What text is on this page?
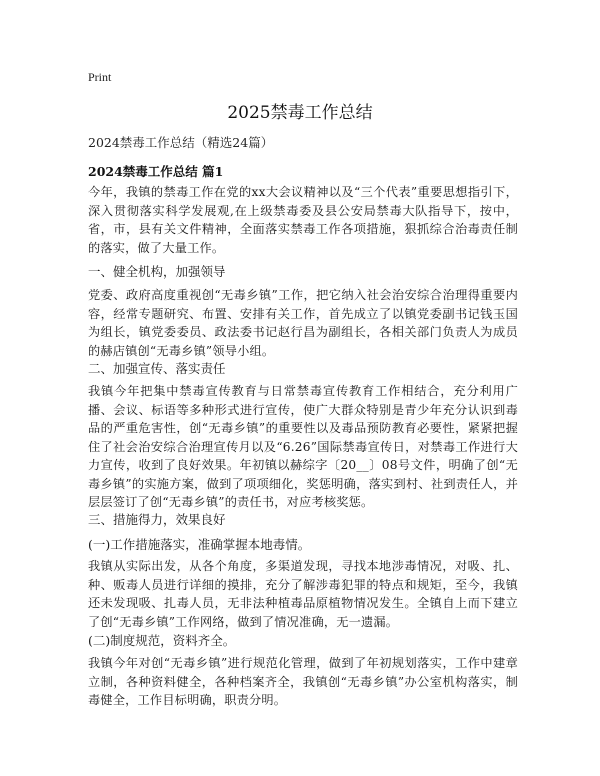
Print
2025禁毒工作总结
2024禁毒工作总结（精选24篇）
2024禁毒工作总结 篇1
今年，我镇的禁毒工作在党的xx大会议精神以及“三个代表”重要思想指引下，深入贯彻落实科学发展观,在上级禁毒委及县公安局禁毒大队指导下，按中，省，市，县有关文件精神，全面落实禁毒工作各项措施，狠抓综合治毒责任制的落实，做了大量工作。
一、健全机构，加强领导
党委、政府高度重视创“无毒乡镇”工作，把它纳入社会治安综合治理得重要内容，经常专题研究、布置、安排有关工作，首先成立了以镇党委副书记钱玉国为组长，镇党委委员、政法委书记赵行昌为副组长，各相关部门负责人为成员的赫店镇创“无毒乡镇”领导小组。
二、加强宣传、落实责任
我镇今年把集中禁毒宣传教育与日常禁毒宣传教育工作相结合，充分利用广播、会议、标语等多种形式进行宣传，使广大群众特别是青少年充分认识到毒品的严重危害性，创“无毒乡镇”的重要性以及毒品预防教育必要性，紧紧把握住了社会治安综合治理宣传月以及“6.26”国际禁毒宣传日，对禁毒工作进行大力宣传，收到了良好效果。年初镇以赫综字〔20__〕08号文件，明确了创“无毒乡镇”的实施方案，做到了项项细化，奖惩明确，落实到村、社到责任人，并层层签订了创“无毒乡镇”的责任书，对应考核奖惩。
三、措施得力，效果良好
(一)工作措施落实，准确掌握本地毒情。
我镇从实际出发，从各个角度，多渠道发现，寻找本地涉毒情况，对吸、扎、种、贩毒人员进行详细的摸排，充分了解涉毒犯罪的特点和规矩，至今，我镇还未发现吸、扎毒人员，无非法种植毒品原植物情况发生。全镇自上而下建立了创“无毒乡镇”工作网络，做到了情况准确，无一遗漏。
(二)制度规范，资料齐全。
我镇今年对创“无毒乡镇”进行规范化管理，做到了年初规划落实，工作中建章立制，各种资料健全，各种档案齐全，我镇创“无毒乡镇”办公室机构落实，制毒健全，工作目标明确，职责分明。
